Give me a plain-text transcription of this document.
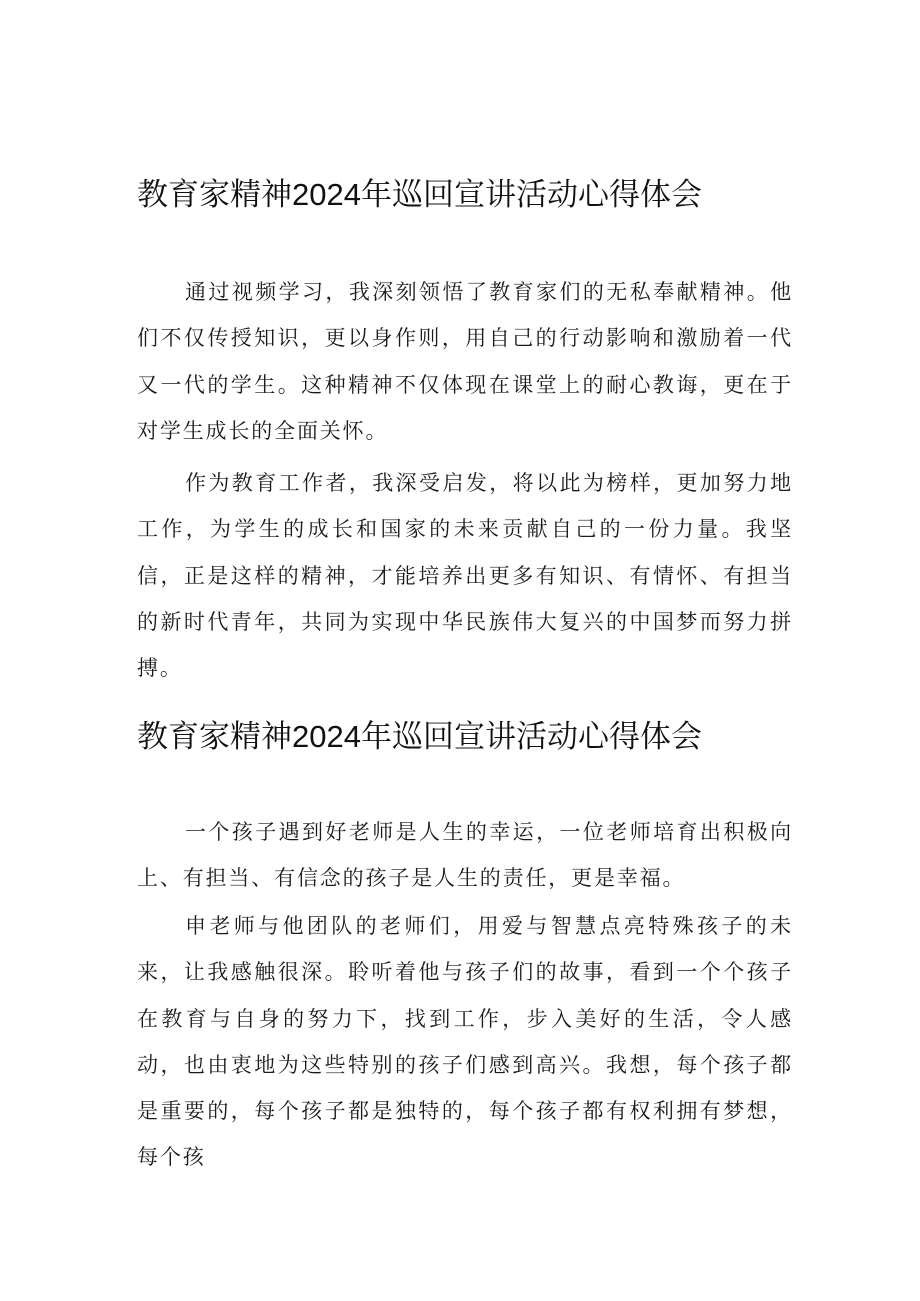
教育家精神2024年巡回宣讲活动心得体会

通过视频学习，我深刻领悟了教育家们的无私奉献精神。他们不仅传授知识，更以身作则，用自己的行动影响和激励着一代又一代的学生。这种精神不仅体现在课堂上的耐心教诲，更在于对学生成长的全面关怀。

作为教育工作者，我深受启发，将以此为榜样，更加努力地工作，为学生的成长和国家的未来贡献自己的一份力量。我坚信，正是这样的精神，才能培养出更多有知识、有情怀、有担当的新时代青年，共同为实现中华民族伟大复兴的中国梦而努力拼搏。

教育家精神2024年巡回宣讲活动心得体会

一个孩子遇到好老师是人生的幸运，一位老师培育出积极向上、有担当、有信念的孩子是人生的责任，更是幸福。

申老师与他团队的老师们，用爱与智慧点亮特殊孩子的未来，让我感触很深。聆听着他与孩子们的故事，看到一个个孩子在教育与自身的努力下，找到工作，步入美好的生活，令人感动，也由衷地为这些特别的孩子们感到高兴。我想，每个孩子都是重要的，每个孩子都是独特的，每个孩子都有权利拥有梦想，每个孩
